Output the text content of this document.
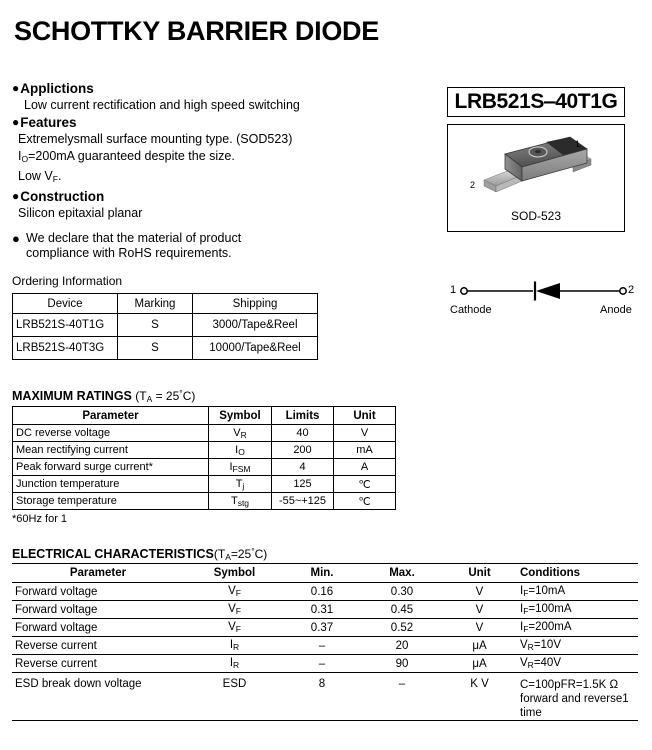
SCHOTTKY BARRIER DIODE
●Applictions
Low current rectification and high speed switching
●Features
Extremelysmall surface mounting type. (SOD523)
$I_O=200mA$ guaranteed despite the size.
Low $V_F$.
●Construction
Silicon epitaxial planar
● We declare that the material of product
compliance with RoHS requirements.
Ordering Information
Device	Marking	Shipping
LRB521S-40T1G	S	3000/Tape&Reel
LRB521S-40T3G	S	10000/Tape&Reel
LRB521S‒40T1G
1
2
SOD-523
1	2
Cathode	Anode
MAXIMUM RATINGS $(T_A = 25^\circ C)$
Parameter	Symbol	Limits	Unit
DC reverse voltage	$V_R$	40	V
Mean rectifying current	$I_O$	200	mA
Peak forward surge current*	$I_{FSM}$	4	A
Junction temperature	$T_j$	125	℃
Storage temperature	$T_{stg}$	-55~+125	℃
*60Hz for 1
ELECTRICAL $CHARACTERISTICS(T_A=25^\circ C)$
Parameter	Symbol	Min.	Max.	Unit	Conditions
Forward voltage	$V_F$	0.16	0.30	V	$I_F=10mA$
Forward voltage	$V_F$	0.31	0.45	V	$I_F=100mA$
Forward voltage	$V_F$	0.37	0.52	V	$I_F=200mA$
Reverse current	$I_R$	–	20	μA	$V_R=10V$
Reverse current	$I_R$	–	90	μA	$V_R=40V$
ESD break down voltage	ESD	8	–	K V	C=100pFR=1.5K Ω
forward and reverse1 time
